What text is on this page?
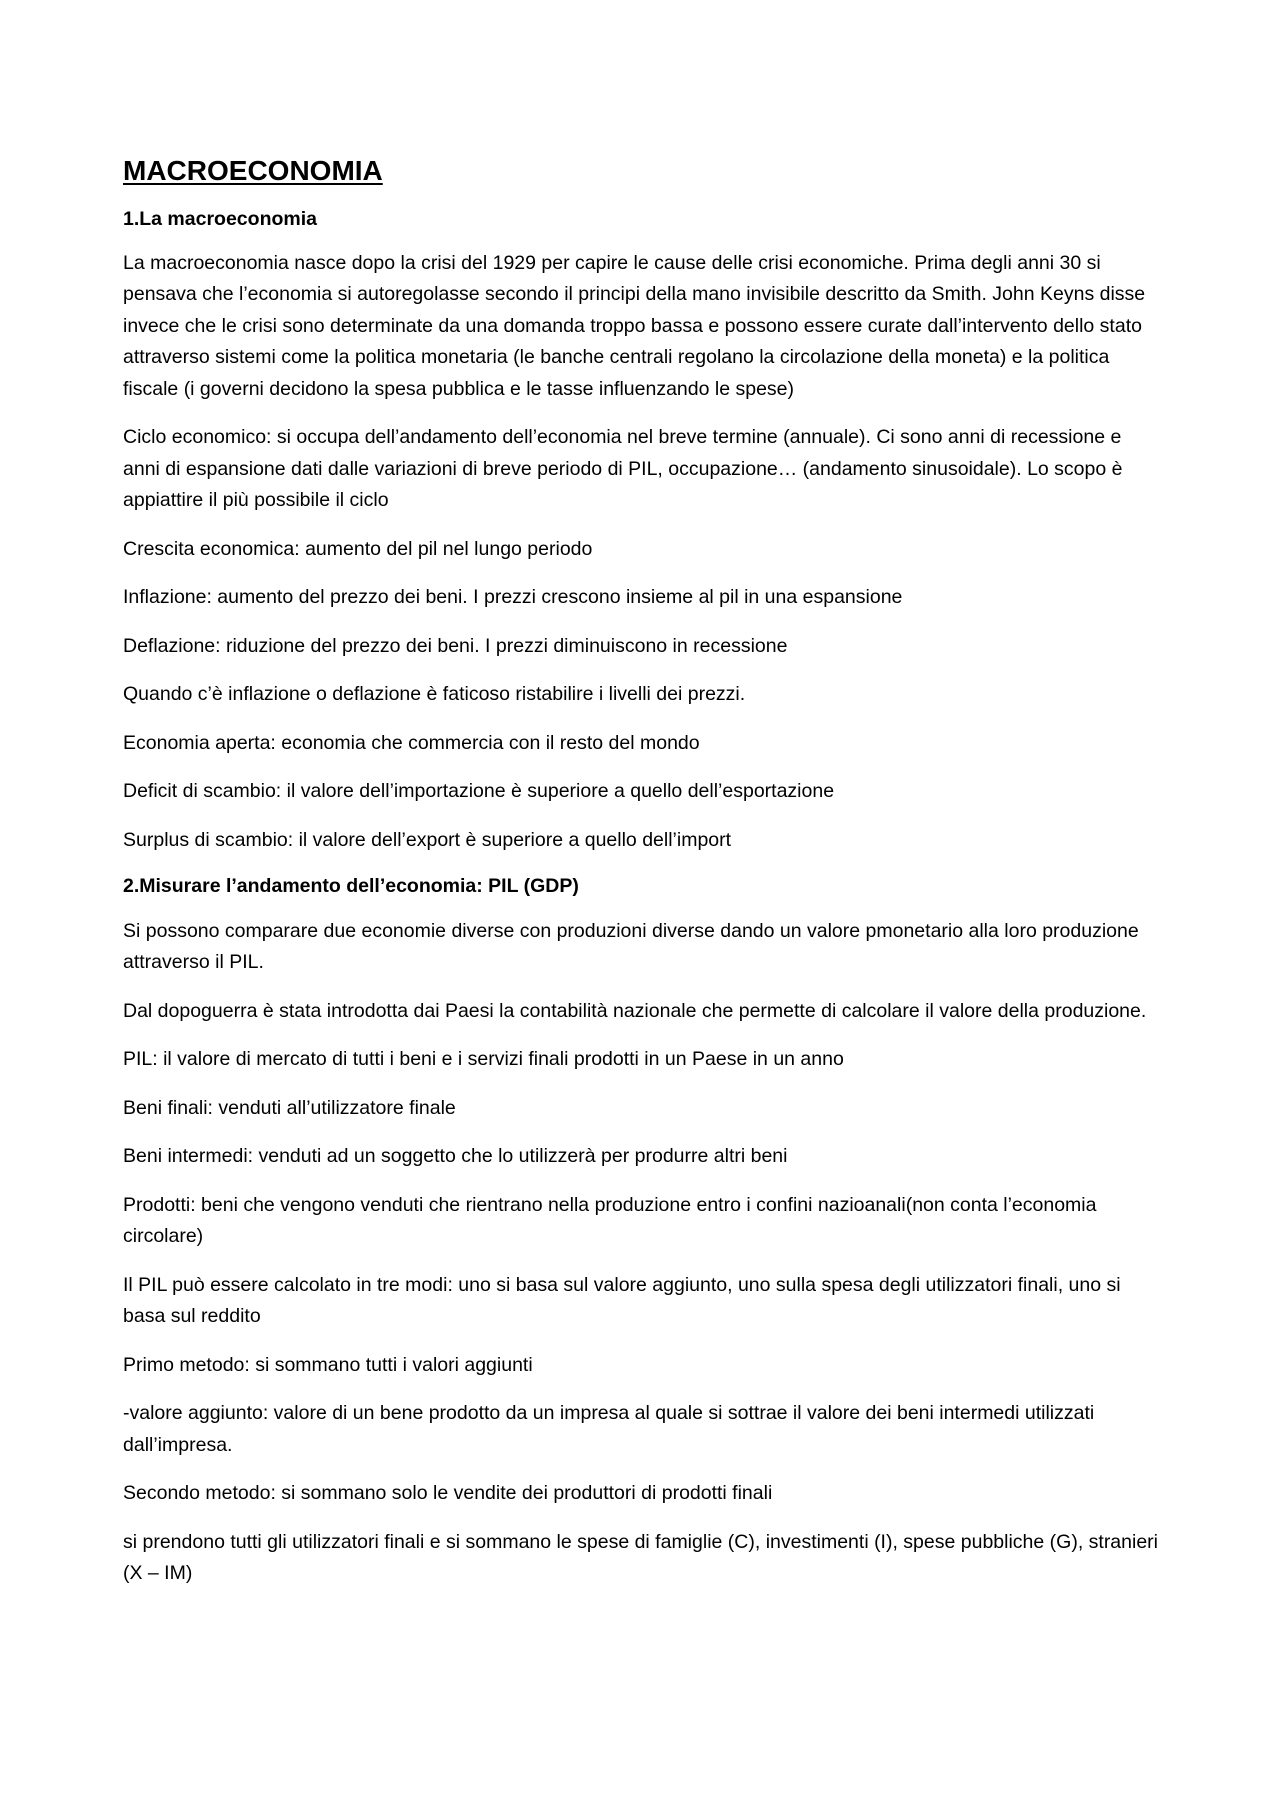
MACROECONOMIA
1.La macroeconomia

La macroeconomia nasce dopo la crisi del 1929 per capire le cause delle crisi economiche. Prima degli anni 30 si pensava che l’economia si autoregolasse secondo il principi della mano invisibile descritto da Smith. John Keyns disse invece che le crisi sono determinate da una domanda troppo bassa e possono essere curate dall’intervento dello stato attraverso sistemi come la politica monetaria (le banche centrali regolano la circolazione della moneta) e la politica fiscale (i governi decidono la spesa pubblica e le tasse influenzando le spese)

Ciclo economico: si occupa dell’andamento dell’economia nel breve termine (annuale). Ci sono anni di recessione e anni di espansione dati dalle variazioni di breve periodo di PIL, occupazione… (andamento sinusoidale). Lo scopo è appiattire il più possibile il ciclo

Crescita economica: aumento del pil nel lungo periodo

Inflazione: aumento del prezzo dei beni. I prezzi crescono insieme al pil in una espansione

Deflazione: riduzione del prezzo dei beni. I prezzi diminuiscono in recessione

Quando c’è inflazione o deflazione è faticoso ristabilire i livelli dei prezzi.

Economia aperta: economia che commercia con il resto del mondo

Deficit di scambio: il valore dell’importazione è superiore a quello dell’esportazione

Surplus di scambio: il valore dell’export è superiore a quello dell’import

2.Misurare l’andamento dell’economia: PIL (GDP)

Si possono comparare due economie diverse con produzioni diverse dando un valore pmonetario alla loro produzione attraverso il PIL.

Dal dopoguerra è stata introdotta dai Paesi la contabilità nazionale che permette di calcolare il valore della produzione.

PIL: il valore di mercato di tutti i beni e i servizi finali prodotti in un Paese in un anno

Beni finali: venduti all’utilizzatore finale

Beni intermedi: venduti ad un soggetto che lo utilizzerà per produrre altri beni

Prodotti: beni che vengono venduti che rientrano nella produzione entro i confini nazioanali(non conta l’economia circolare)

Il PIL può essere calcolato in tre modi: uno si basa sul valore aggiunto, uno sulla spesa degli utilizzatori finali, uno si basa sul reddito

Primo metodo: si sommano tutti i valori aggiunti

-valore aggiunto: valore di un bene prodotto da un impresa al quale si sottrae il valore dei beni intermedi utilizzati dall’impresa.

Secondo metodo: si sommano solo le vendite dei produttori di prodotti finali

si prendono tutti gli utilizzatori finali e si sommano le spese di famiglie (C), investimenti (I), spese pubbliche (G), stranieri (X – IM)
